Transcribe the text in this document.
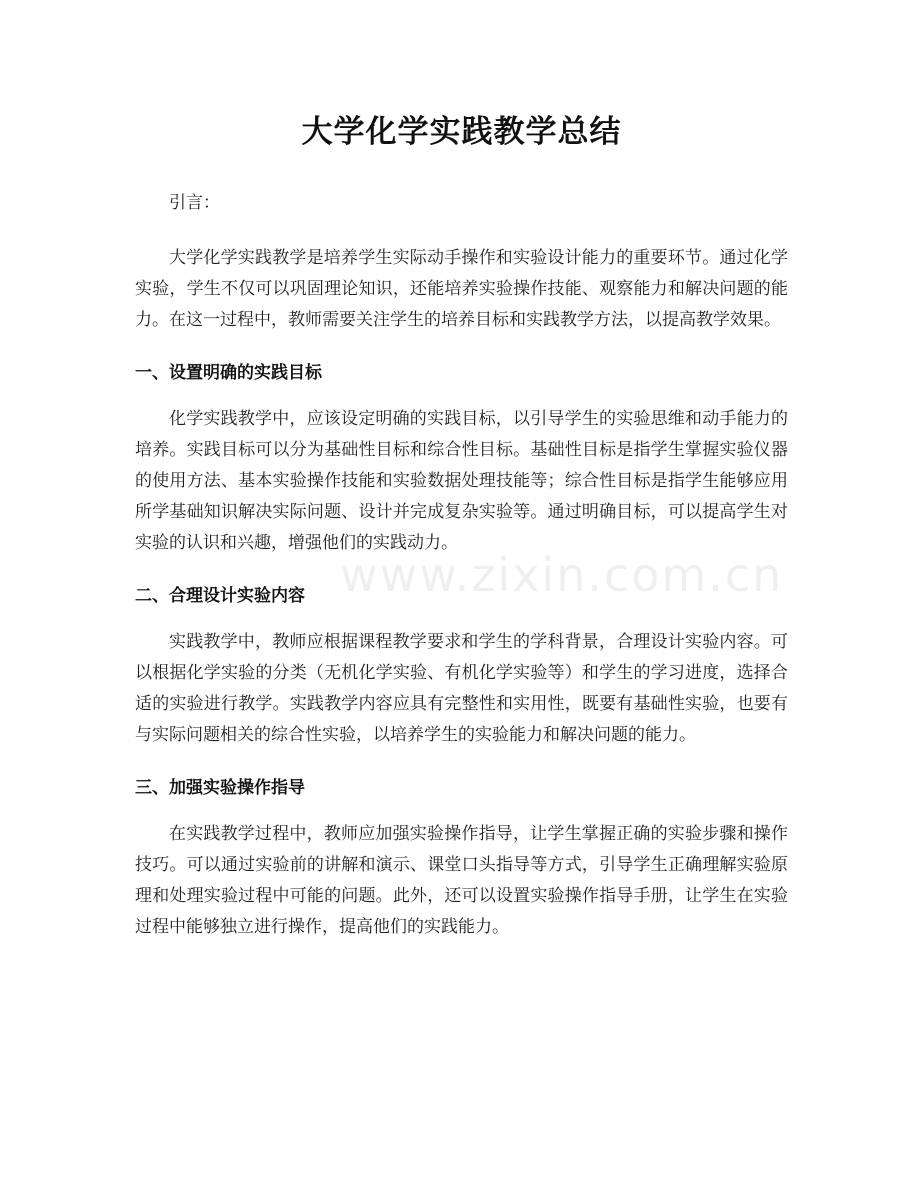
大学化学实践教学总结

引言：

大学化学实践教学是培养学生实际动手操作和实验设计能力的重要环节。通过化学实验，学生不仅可以巩固理论知识，还能培养实验操作技能、观察能力和解决问题的能力。在这一过程中，教师需要关注学生的培养目标和实践教学方法，以提高教学效果。

一、设置明确的实践目标

化学实践教学中，应该设定明确的实践目标，以引导学生的实验思维和动手能力的培养。实践目标可以分为基础性目标和综合性目标。基础性目标是指学生掌握实验仪器的使用方法、基本实验操作技能和实验数据处理技能等；综合性目标是指学生能够应用所学基础知识解决实际问题、设计并完成复杂实验等。通过明确目标，可以提高学生对实验的认识和兴趣，增强他们的实践动力。

二、合理设计实验内容

实践教学中，教师应根据课程教学要求和学生的学科背景，合理设计实验内容。可以根据化学实验的分类（无机化学实验、有机化学实验等）和学生的学习进度，选择合适的实验进行教学。实践教学内容应具有完整性和实用性，既要有基础性实验，也要有与实际问题相关的综合性实验，以培养学生的实验能力和解决问题的能力。

三、加强实验操作指导

在实践教学过程中，教师应加强实验操作指导，让学生掌握正确的实验步骤和操作技巧。可以通过实验前的讲解和演示、课堂口头指导等方式，引导学生正确理解实验原理和处理实验过程中可能的问题。此外，还可以设置实验操作指导手册，让学生在实验过程中能够独立进行操作，提高他们的实践能力。

www.zixin.com.cn
